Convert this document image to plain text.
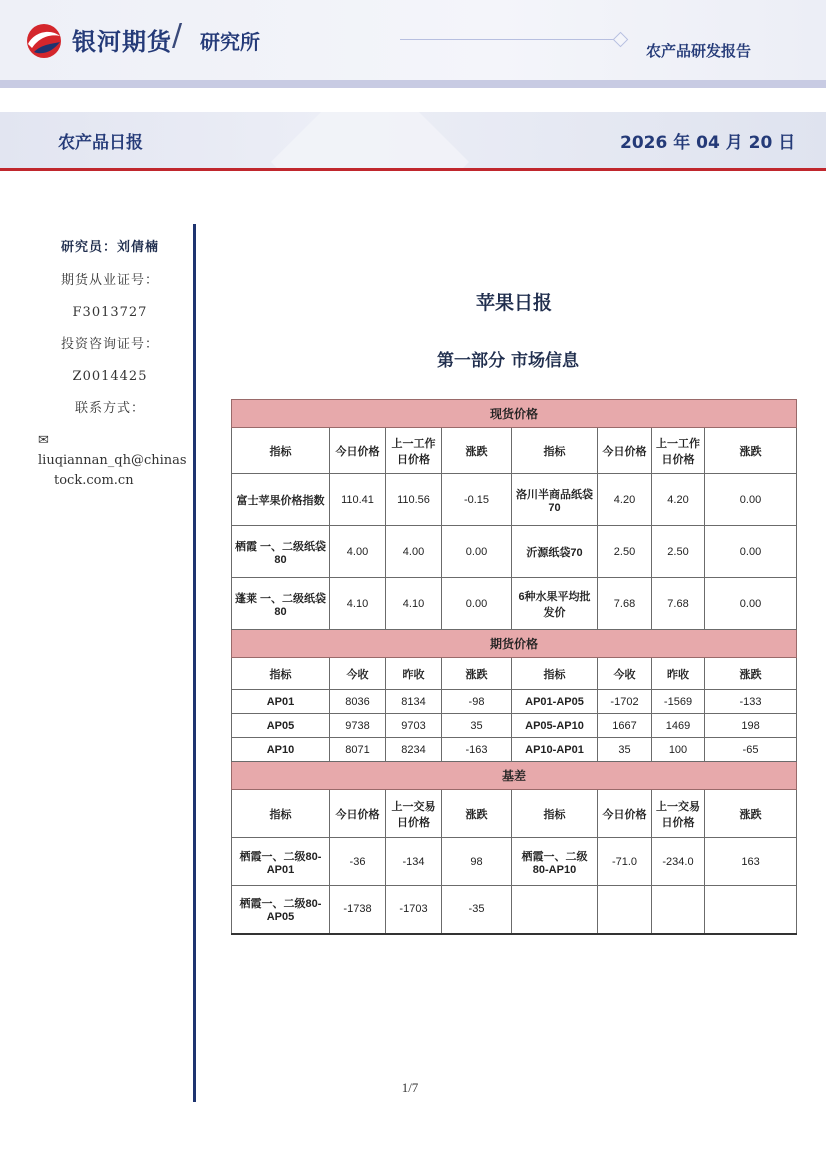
银河期货 / 研究所	农产品研发报告
农产品日报	2026 年 04 月 20 日
研究员：刘倩楠
期货从业证号：
F3013727
投资咨询证号：
Z0014425
联系方式：
✉liuqiannan_qh@chinas
tock.com.cn
苹果日报
第一部分 市场信息
现货价格							
指标	今日价格	上一工作日价格	涨跌	指标	今日价格	上一工作日价格	涨跌
富士苹果价格指数	110.41	110.56	-0.15	洛川半商品纸袋70	4.20	4.20	0.00
栖霞 一、二级纸袋 80	4.00	4.00	0.00	沂源纸袋70	2.50	2.50	0.00
蓬莱 一、二级纸袋 80	4.10	4.10	0.00	6种水果平均批发价	7.68	7.68	0.00
期货价格							
指标	今收	昨收	涨跌	指标	今收	昨收	涨跌
AP01	8036	8134	-98	AP01-AP05	-1702	-1569	-133
AP05	9738	9703	35	AP05-AP10	1667	1469	198
AP10	8071	8234	-163	AP10-AP01	35	100	-65
基差							
指标	今日价格	上一交易日价格	涨跌	指标	今日价格	上一交易日价格	涨跌
栖霞一、二级80-AP01	-36	-134	98	栖霞一、二级80-AP10	-71.0	-234.0	163
栖霞一、二级80-AP05	-1738	-1703	-35				
1/7
